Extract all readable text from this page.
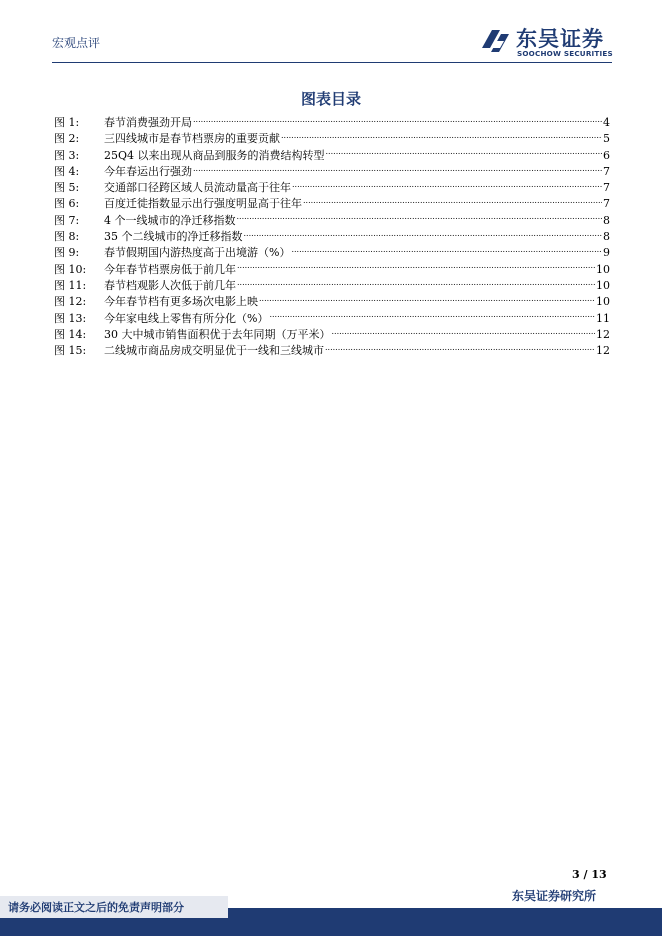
宏观点评	东吴证券
SOOCHOW SECURITIES
图表目录
图 1:	春节消费强劲开局 .....	4
图 2:	三四线城市是春节档票房的重要贡献 .....	5
图 3:	25Q4 以来出现从商品到服务的消费结构转型 .....	6
图 4:	今年春运出行强劲 .....	7
图 5:	交通部口径跨区域人员流动量高于往年 .....	7
图 6:	百度迁徙指数显示出行强度明显高于往年 .....	7
图 7:	4 个一线城市的净迁移指数 .....	8
图 8:	35 个二线城市的净迁移指数 .....	8
图 9:	春节假期国内游热度高于出境游（%） .....	9
图 10:	今年春节档票房低于前几年 .....	10
图 11:	春节档观影人次低于前几年 .....	10
图 12:	今年春节档有更多场次电影上映 .....	10
图 13:	今年家电线上零售有所分化（%） .....	11
图 14:	30 大中城市销售面积优于去年同期（万平米） .....	12
图 15:	二线城市商品房成交明显优于一线和三线城市 .....	12
3 / 13
东吴证券研究所
请务必阅读正文之后的免责声明部分
